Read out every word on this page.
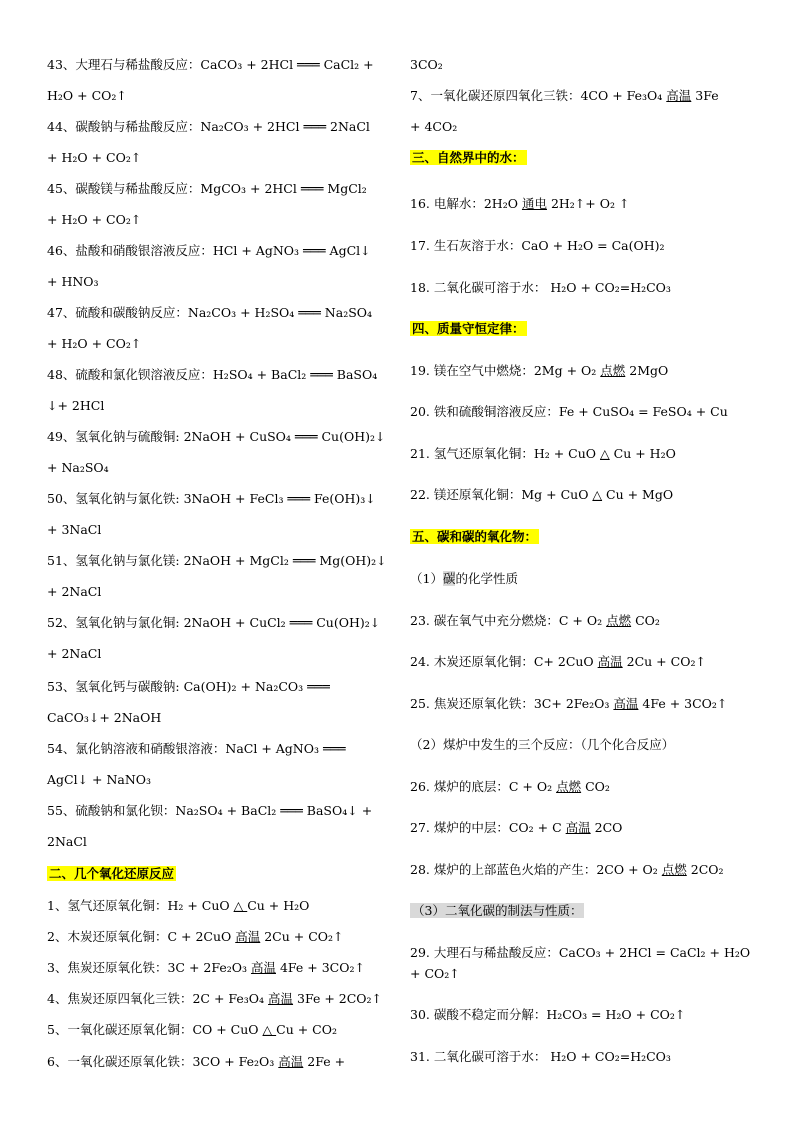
43、大理石与稀盐酸反应：CaCO₃ + 2HCl ═══ CaCl₂ +
H₂O + CO₂↑
44、碳酸钠与稀盐酸反应：Na₂CO₃ + 2HCl ═══ 2NaCl
+ H₂O + CO₂↑
45、碳酸镁与稀盐酸反应：MgCO₃ + 2HCl ═══ MgCl₂
+ H₂O + CO₂↑
46、盐酸和硝酸银溶液反应：HCl + AgNO₃ ═══ AgCl↓
+ HNO₃
47、硫酸和碳酸钠反应：Na₂CO₃ + H₂SO₄ ═══ Na₂SO₄
+ H₂O + CO₂↑
48、硫酸和氯化钡溶液反应：H₂SO₄ + BaCl₂ ═══ BaSO₄
↓+ 2HCl
49、氢氧化钠与硫酸铜: 2NaOH + CuSO₄ ═══ Cu(OH)₂↓
+ Na₂SO₄
50、氢氧化钠与氯化铁: 3NaOH + FeCl₃ ═══ Fe(OH)₃↓
+ 3NaCl
51、氢氧化钠与氯化镁: 2NaOH + MgCl₂ ═══ Mg(OH)₂↓
+ 2NaCl
52、氢氧化钠与氯化铜: 2NaOH + CuCl₂ ═══ Cu(OH)₂↓
+ 2NaCl
53、氢氧化钙与碳酸钠: Ca(OH)₂ + Na₂CO₃ ═══
CaCO₃↓+ 2NaOH
54、氯化钠溶液和硝酸银溶液：NaCl + AgNO₃ ═══
AgCl↓ + NaNO₃
55、硫酸钠和氯化钡：Na₂SO₄ + BaCl₂ ═══ BaSO₄↓ +
2NaCl
二、几个氧化还原反应
1、氢气还原氧化铜：H₂ + CuO △ Cu + H₂O
2、木炭还原氧化铜：C + 2CuO 高温 2Cu + CO₂↑
3、焦炭还原氧化铁：3C + 2Fe₂O₃ 高温 4Fe + 3CO₂↑
4、焦炭还原四氧化三铁：2C + Fe₃O₄ 高温 3Fe + 2CO₂↑
5、一氧化碳还原氧化铜：CO + CuO △ Cu + CO₂
6、一氧化碳还原氧化铁：3CO + Fe₂O₃ 高温 2Fe +
3CO₂
7、一氧化碳还原四氧化三铁：4CO + Fe₃O₄ 高温 3Fe
+ 4CO₂
三、自然界中的水：
16. 电解水：2H₂O 通电 2H₂↑+ O₂ ↑
17. 生石灰溶于水：CaO + H₂O = Ca(OH)₂
18. 二氧化碳可溶于水： H₂O + CO₂=H₂CO₃
四、质量守恒定律：
19. 镁在空气中燃烧：2Mg + O₂ 点燃 2MgO
20. 铁和硫酸铜溶液反应：Fe + CuSO₄ = FeSO₄ + Cu
21. 氢气还原氧化铜：H₂ + CuO △ Cu + H₂O
22. 镁还原氧化铜：Mg + CuO △ Cu + MgO
五、碳和碳的氧化物：
（1）碳的化学性质
23. 碳在氧气中充分燃烧：C + O₂ 点燃 CO₂
24. 木炭还原氧化铜：C+ 2CuO 高温 2Cu + CO₂↑
25. 焦炭还原氧化铁：3C+ 2Fe₂O₃ 高温 4Fe + 3CO₂↑
（2）煤炉中发生的三个反应：（几个化合反应）
26. 煤炉的底层：C + O₂ 点燃 CO₂
27. 煤炉的中层：CO₂ + C 高温 2CO
28. 煤炉的上部蓝色火焰的产生：2CO + O₂ 点燃 2CO₂
（3）二氧化碳的制法与性质：
29. 大理石与稀盐酸反应：CaCO₃ + 2HCl = CaCl₂ + H₂O
+ CO₂↑
30. 碳酸不稳定而分解：H₂CO₃ = H₂O + CO₂↑
31. 二氧化碳可溶于水： H₂O + CO₂=H₂CO₃
